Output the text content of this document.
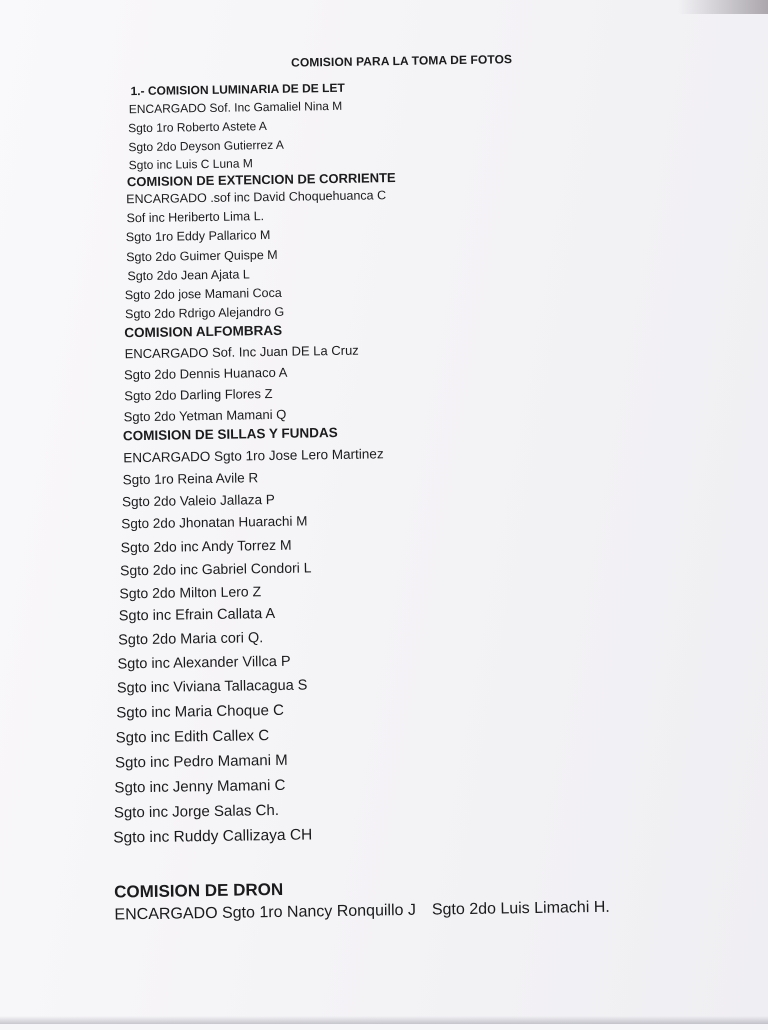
COMISION PARA LA TOMA DE FOTOS
1.- COMISION LUMINARIA DE DE LET
ENCARGADO Sof. Inc Gamaliel Nina M
Sgto 1ro Roberto Astete A
Sgto 2do Deyson Gutierrez A
Sgto inc Luis C Luna M
COMISION DE EXTENCION DE CORRIENTE
ENCARGADO .sof inc David Choquehuanca C
Sof inc Heriberto Lima L.
Sgto 1ro Eddy Pallarico M
Sgto 2do Guimer Quispe M
Sgto 2do Jean Ajata L
Sgto 2do jose Mamani Coca
Sgto 2do Rdrigo Alejandro G
COMISION ALFOMBRAS
ENCARGADO Sof. Inc Juan DE La Cruz
Sgto 2do Dennis Huanaco A
Sgto 2do Darling Flores Z
Sgto 2do Yetman Mamani Q
COMISION DE SILLAS Y FUNDAS
ENCARGADO Sgto 1ro Jose Lero Martinez
Sgto 1ro Reina Avile R
Sgto 2do Valeio Jallaza P
Sgto 2do Jhonatan Huarachi M
Sgto 2do inc Andy Torrez M
Sgto 2do inc Gabriel Condori L
Sgto 2do Milton Lero Z
Sgto inc Efrain Callata A
Sgto 2do Maria cori Q.
Sgto inc Alexander Villca P
Sgto inc Viviana Tallacagua S
Sgto inc Maria Choque C
Sgto inc Edith Callex C
Sgto inc Pedro Mamani M
Sgto inc Jenny Mamani C
Sgto inc Jorge Salas Ch.
Sgto inc Ruddy Callizaya CH
COMISION DE DRON
ENCARGADO Sgto 1ro Nancy Ronquillo J Sgto 2do Luis Limachi H.
